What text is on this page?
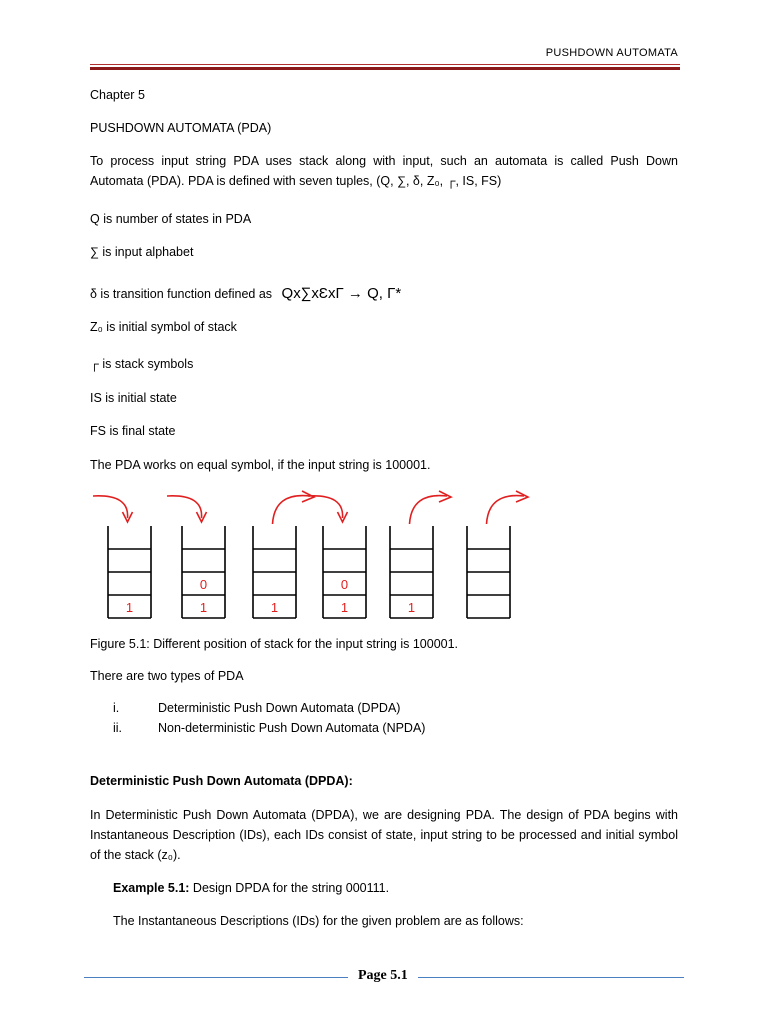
PUSHDOWN AUTOMATA
Chapter 5
PUSHDOWN AUTOMATA (PDA)
To process input string PDA uses stack along with input, such an automata is called Push Down
Automata (PDA). PDA is defined with seven tuples, (Q, ∑, δ, Z₀, ┌, IS, FS)
Q is number of states in PDA
∑ is input alphabet
δ is transition function defined as Qx∑xƐxΓ → Q, Γ*
Z₀ is initial symbol of stack
┌ is stack symbols
IS is initial state
FS is final state
The PDA works on equal symbol, if the input string is 100001.
1
0
1	1
0
1	1
Figure 5.1: Different position of stack for the input string is 100001.
There are two types of PDA
i.	Deterministic Push Down Automata (DPDA)
ii.	Non-deterministic Push Down Automata (NPDA)
Deterministic Push Down Automata (DPDA):
In Deterministic Push Down Automata (DPDA), we are designing PDA. The design of PDA begins with
Instantaneous Description (IDs), each IDs consist of state, input string to be processed and initial symbol
of the stack (z₀).
Example 5.1: Design DPDA for the string 000111.
The Instantaneous Descriptions (IDs) for the given problem are as follows:
Page 5.1
